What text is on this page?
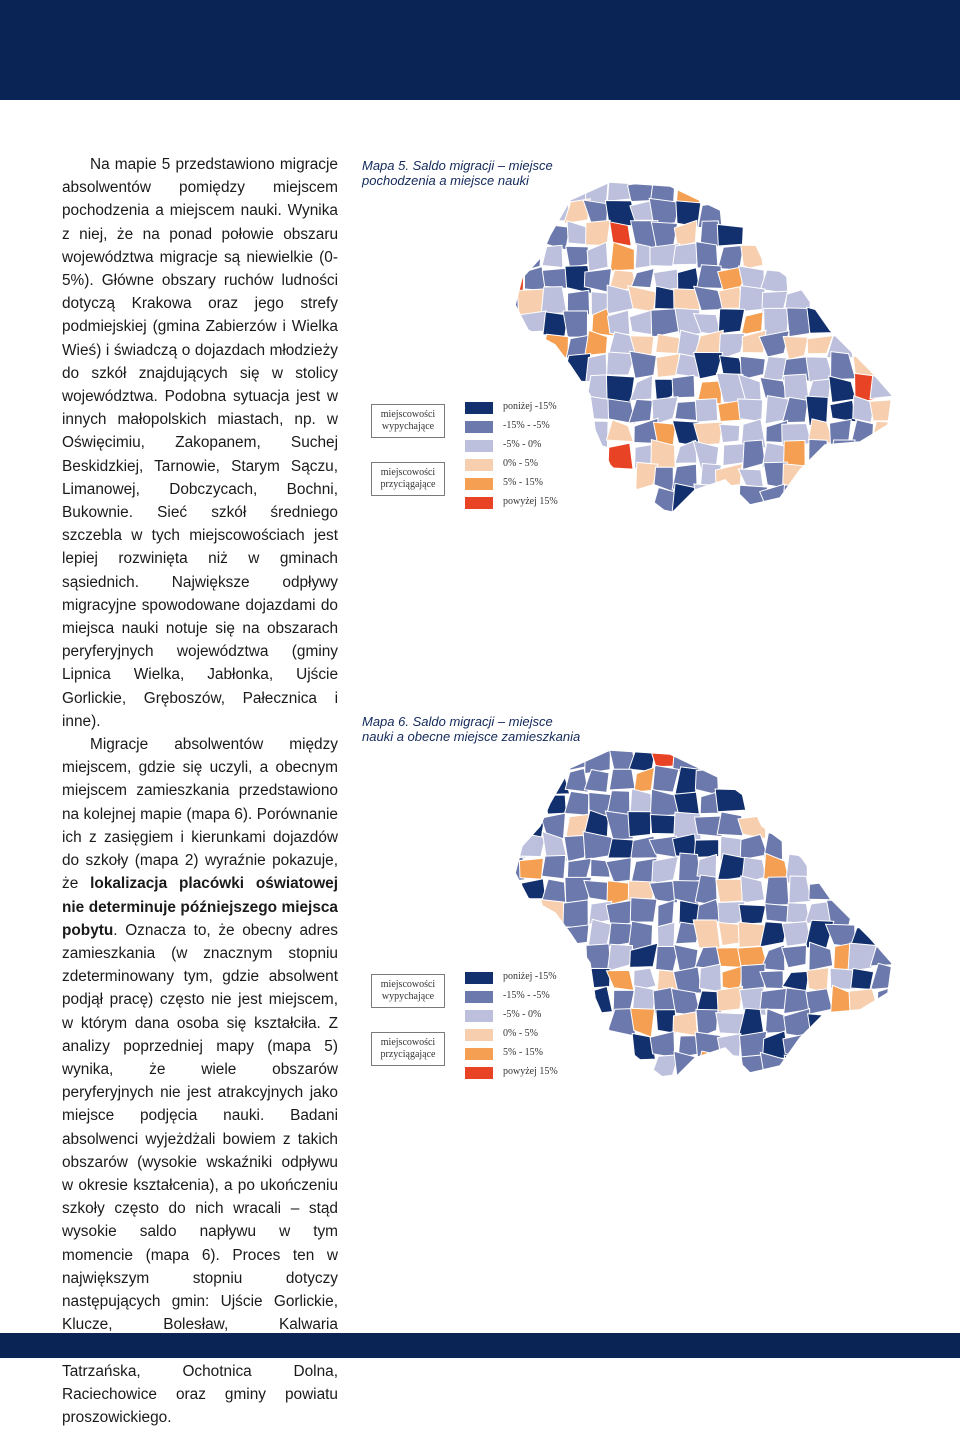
Na mapie 5 przedstawiono migracje absolwentów pomiędzy miejscem pochodzenia a miejscem nauki. Wynika z niej, że na ponad połowie obszaru województwa migracje są niewielkie (0-5%). Główne obszary ruchów ludności dotyczą Krakowa oraz jego strefy podmiejskiej (gmina Zabierzów i Wielka Wieś) i świadczą o dojazdach młodzieży do szkół znajdujących się w stolicy województwa. Podobna sytuacja jest w innych małopolskich miastach, np. w Oświęcimiu, Zakopanem, Suchej Beskidzkiej, Tarnowie, Starym Sączu, Limanowej, Dobczycach, Bochni, Bukownie. Sieć szkół średniego szczebla w tych miejscowościach jest lepiej rozwinięta niż w gminach sąsiednich. Największe odpływy migracyjne spowodowane dojazdami do miejsca nauki notuje się na obszarach peryferyjnych województwa (gminy Lipnica Wielka, Jabłonka, Ujście Gorlickie, Gręboszów, Pałecznica i inne).

Migracje absolwentów między miejscem, gdzie się uczyli, a obecnym miejscem zamieszkania przedstawiono na kolejnej mapie (mapa 6). Porównanie ich z zasięgiem i kierunkami dojazdów do szkoły (mapa 2) wyraźnie pokazuje, że lokalizacja placówki oświatowej nie determinuje późniejszego miejsca pobytu. Oznacza to, że obecny adres zamieszkania (w znacznym stopniu zdeterminowany tym, gdzie absolwent podjął pracę) często nie jest miejscem, w którym dana osoba się kształciła. Z analizy poprzedniej mapy (mapa 5) wynika, że wiele obszarów peryferyjnych nie jest atrakcyjnych jako miejsce podjęcia nauki. Badani absolwenci wyjeżdżali bowiem z takich obszarów (wysokie wskaźniki odpływu w okresie kształcenia), a po ukończeniu szkoły często do nich wracali – stąd wysokie saldo napływu w tym momencie (mapa 6). Proces ten w największym stopniu dotyczy następujących gmin: Ujście Gorlickie, Klucze, Bolesław, Kalwaria Tatrzańska, Ochotnica Dolna, Raciechowice oraz gminy powiatu proszowickiego.

Mapa 5. Saldo migracji – miejsce
pochodzenia a miejsce nauki
miejscowości
wypychające
miejscowości
przyciągające
poniżej -15%
-15% - -5%
-5% - 0%
0% - 5%
5% - 15%
powyżej 15%
Mapa 6. Saldo migracji – miejsce
nauki a obecne miejsce zamieszkania
miejscowości
wypychające
miejscowości
przyciągające
poniżej -15%
-15% - -5%
-5% - 0%
0% - 5%
5% - 15%
powyżej 15%
